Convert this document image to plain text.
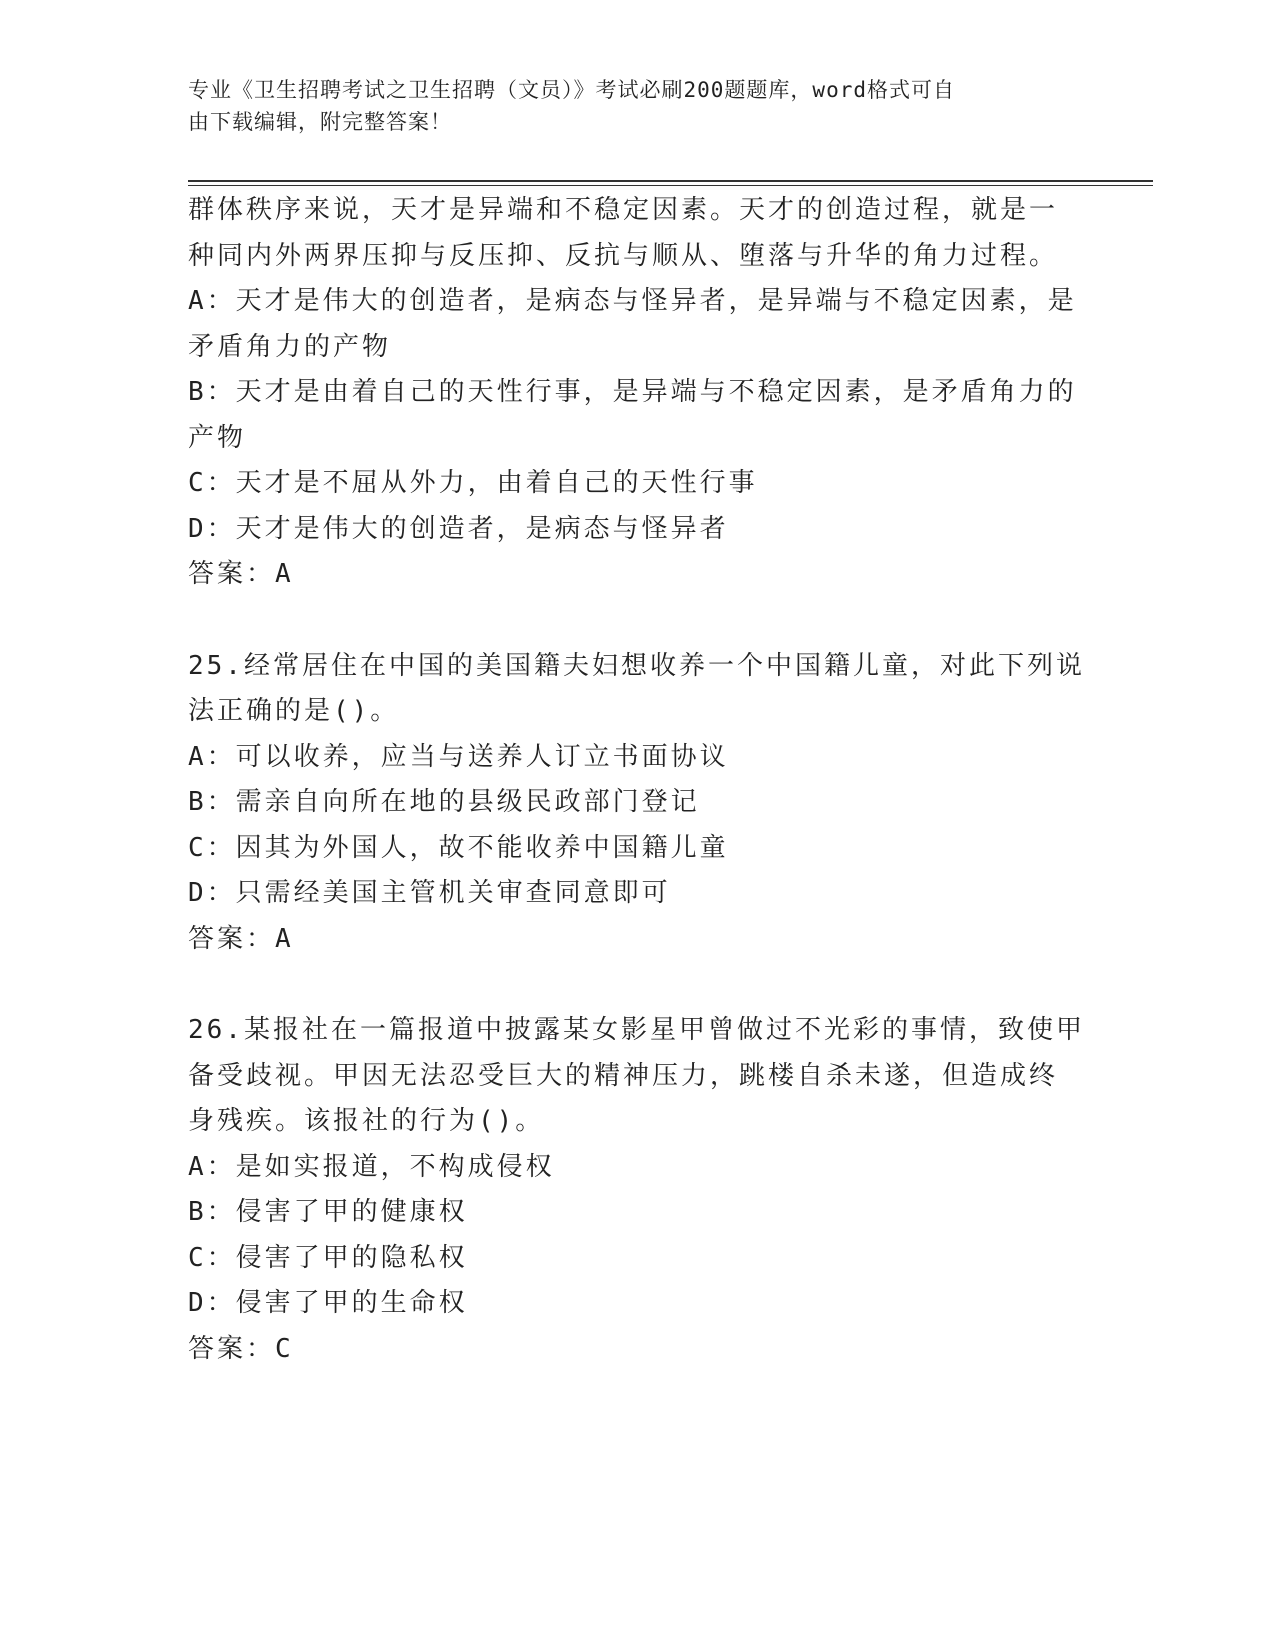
专业《卫生招聘考试之卫生招聘（文员）》考试必刷200题题库，word格式可自
由下载编辑，附完整答案！
群体秩序来说，天才是异端和不稳定因素。天才的创造过程，就是一
种同内外两界压抑与反压抑、反抗与顺从、堕落与升华的角力过程。
A：天才是伟大的创造者，是病态与怪异者，是异端与不稳定因素，是
矛盾角力的产物
B：天才是由着自己的天性行事，是异端与不稳定因素，是矛盾角力的
产物
C：天才是不屈从外力，由着自己的天性行事
D：天才是伟大的创造者，是病态与怪异者
答案：A
25.经常居住在中国的美国籍夫妇想收养一个中国籍儿童，对此下列说
法正确的是()。
A：可以收养，应当与送养人订立书面协议
B：需亲自向所在地的县级民政部门登记
C：因其为外国人，故不能收养中国籍儿童
D：只需经美国主管机关审查同意即可
答案：A
26.某报社在一篇报道中披露某女影星甲曾做过不光彩的事情，致使甲
备受歧视。甲因无法忍受巨大的精神压力，跳楼自杀未遂，但造成终
身残疾。该报社的行为()。
A：是如实报道，不构成侵权
B：侵害了甲的健康权
C：侵害了甲的隐私权
D：侵害了甲的生命权
答案：C
